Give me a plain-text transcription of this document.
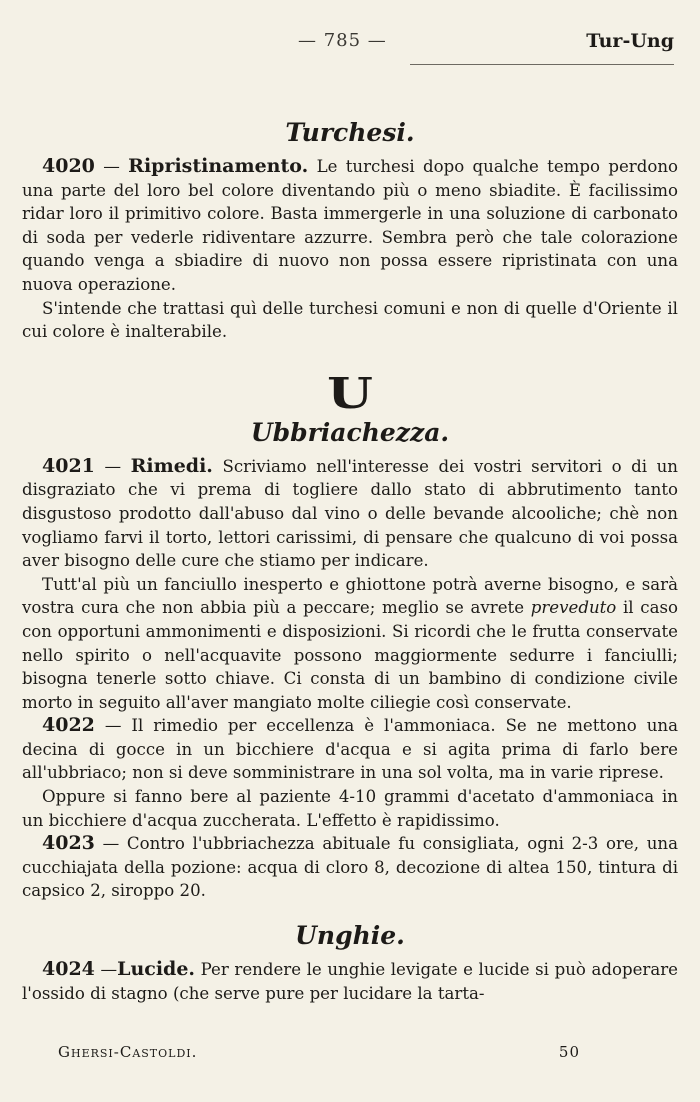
— 785 —	Tur-Ung
Turchesi.

4020 — Ripristinamento. Le turchesi dopo qualche tempo perdono una parte del loro bel colore diventando più o meno sbiadite. È facilissimo ridar loro il primitivo colore. Basta immergerle in una soluzione di carbonato di soda per vederle ridiventare azzurre. Sembra però che tale colorazione quando venga a sbiadire di nuovo non possa essere ripristinata con una nuova operazione.

S'intende che trattasi quì delle turchesi comuni e non di quelle d'Oriente il cui colore è inalterabile.

U
Ubbriachezza.

4021 — Rimedi. Scriviamo nell'interesse dei vostri servitori o di un disgraziato che vi prema di togliere dallo stato di abbrutimento tanto disgustoso prodotto dall'abuso dal vino o delle bevande alcooliche; chè non vogliamo farvi il torto, lettori carissimi, di pensare che qualcuno di voi possa aver bisogno delle cure che stiamo per indicare.

Tutt'al più un fanciullo inesperto e ghiottone potrà averne bisogno, e sarà vostra cura che non abbia più a peccare; meglio se avrete preveduto il caso con opportuni ammonimenti e disposizioni. Si ricordi che le frutta conservate nello spirito o nell'acquavite possono maggiormente sedurre i fanciulli; bisogna tenerle sotto chiave. Ci consta di un bambino di condizione civile morto in seguito all'aver mangiato molte ciliegie così conservate.

4022 — Il rimedio per eccellenza è l'ammoniaca. Se ne mettono una decina di gocce in un bicchiere d'acqua e si agita prima di farlo bere all'ubbriaco; non si deve somministrare in una sol volta, ma in varie riprese.

Oppure si fanno bere al paziente 4-10 grammi d'acetato d'ammoniaca in un bicchiere d'acqua zuccherata. L'effetto è rapidissimo.

4023 — Contro l'ubbriachezza abituale fu consigliata, ogni 2-3 ore, una cucchiajata della pozione: acqua di cloro 8, decozione di altea 150, tintura di capsico 2, siroppo 20.

Unghie.

4024 —Lucide. Per rendere le unghie levigate e lucide si può adoperare l'ossido di stagno (che serve pure per lucidare la tarta-

Ghersi-Castoldi.	50
